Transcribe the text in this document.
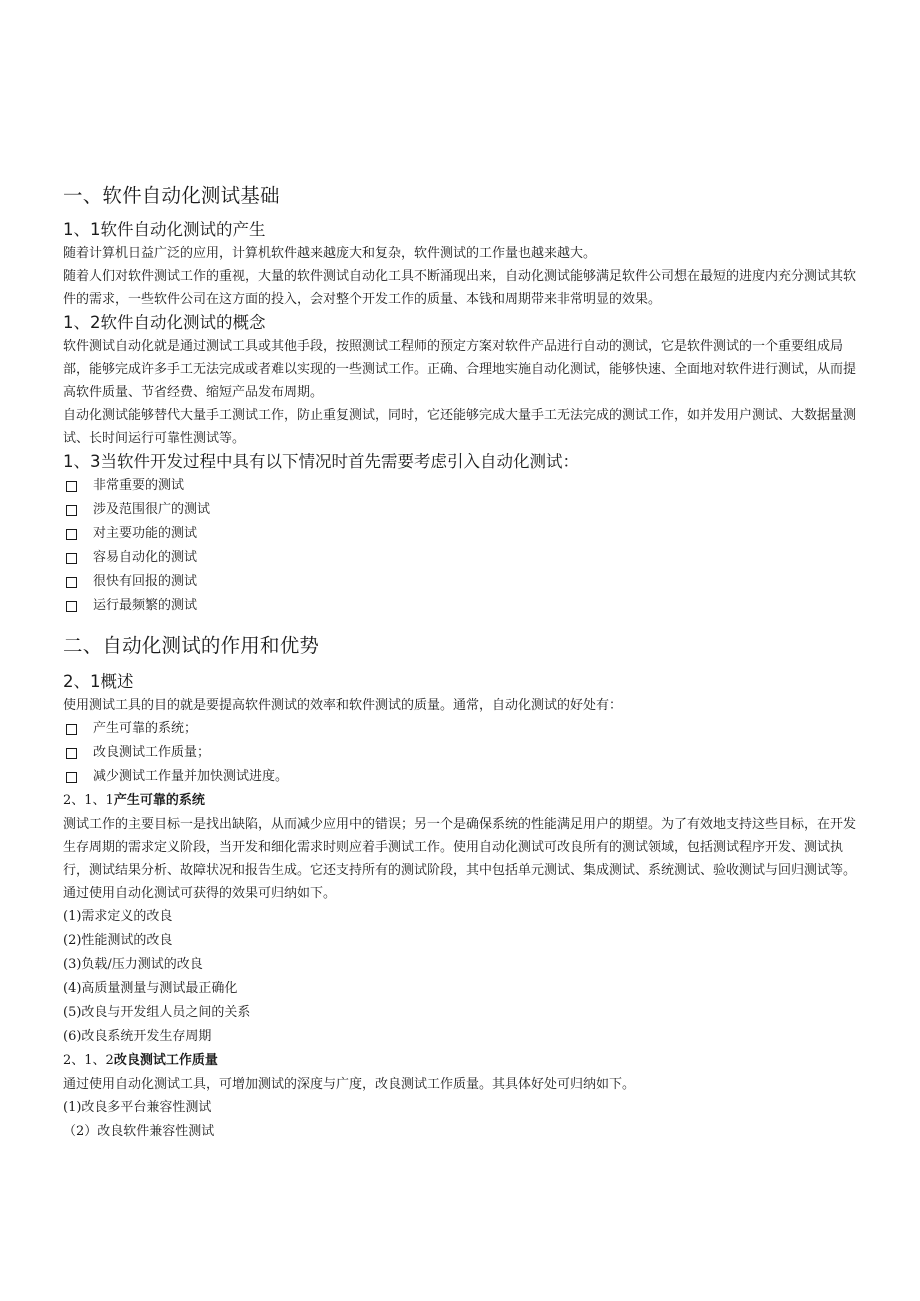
一、软件自动化测试基础
1、1软件自动化测试的产生

随着计算机日益广泛的应用，计算机软件越来越庞大和复杂，软件测试的工作量也越来越大。

随着人们对软件测试工作的重视，大量的软件测试自动化工具不断涌现出来，自动化测试能够满足软件公司想在最短的进度内充分测试其软件的需求，一些软件公司在这方面的投入，会对整个开发工作的质量、本钱和周期带来非常明显的效果。

1、2软件自动化测试的概念

软件测试自动化就是通过测试工具或其他手段，按照测试工程师的预定方案对软件产品进行自动的测试，它是软件测试的一个重要组成局部，能够完成许多手工无法完成或者难以实现的一些测试工作。正确、合理地实施自动化测试，能够快速、全面地对软件进行测试，从而提高软件质量、节省经费、缩短产品发布周期。

自动化测试能够替代大量手工测试工作，防止重复测试，同时，它还能够完成大量手工无法完成的测试工作，如并发用户测试、大数据量测试、长时间运行可靠性测试等。

1、3当软件开发过程中具有以下情况时首先需要考虑引入自动化测试：
非常重要的测试
涉及范围很广的测试
对主要功能的测试
容易自动化的测试
很快有回报的测试
运行最频繁的测试
二、自动化测试的作用和优势
2、1概述

使用测试工具的目的就是要提高软件测试的效率和软件测试的质量。通常，自动化测试的好处有：

产生可靠的系统；
改良测试工作质量；
减少测试工作量并加快测试进度。
2、1、1产生可靠的系统

测试工作的主要目标一是找出缺陷，从而减少应用中的错误；另一个是确保系统的性能满足用户的期望。为了有效地支持这些目标，在开发生存周期的需求定义阶段，当开发和细化需求时则应着手测试工作。使用自动化测试可改良所有的测试领域，包括测试程序开发、测试执行，测试结果分析、故障状况和报告生成。它还支持所有的测试阶段，其中包括单元测试、集成测试、系统测试、验收测试与回归测试等。

通过使用自动化测试可获得的效果可归纳如下。

(1)需求定义的改良
(2)性能测试的改良
(3)负载/压力测试的改良
(4)高质量测量与测试最正确化
(5)改良与开发组人员之间的关系
(6)改良系统开发生存周期
2、1、2改良测试工作质量

通过使用自动化测试工具，可增加测试的深度与广度，改良测试工作质量。其具体好处可归纳如下。

(1)改良多平台兼容性测试
（2）改良软件兼容性测试
